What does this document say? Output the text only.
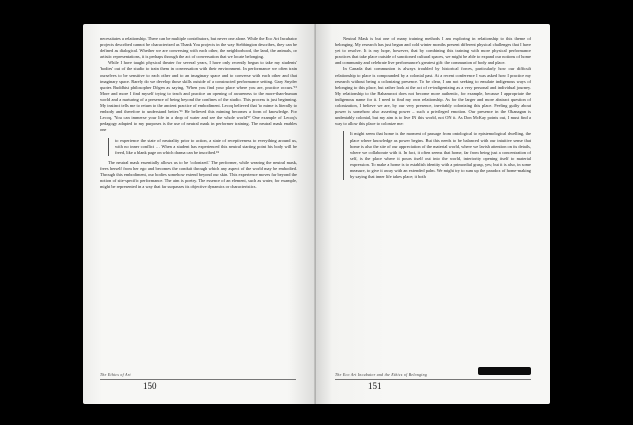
necessitates a relationship. There can be multiple contributors, but never one alone. While the Eco Art Incubator projects described cannot be characterized as Thank You projects in the way Stebbington describes, they can be defined as dialogical. Whether we are conversing with each other, the neighborhood, the land, the animals, or artistic representations, it is perhaps through the act of conversation that we locate belonging.

While I have taught physical theater for several years, I have only recently begun to take my students' 'bodies' out of the studio to train them in conversation with their environment. In performance we often train ourselves to be sensitive to each other and to an imaginary space and to converse with each other and that imaginary space. Rarely do we develop those skills outside of a constructed performance setting. Gary Snyder quotes Buddhist philosopher Dōgen as saying, 'When you find your place where you are, practice occurs.'¹⁵ More and more I find myself trying to teach and practice an opening of awareness to the more-than-human world and a nurturing of a presence of being beyond the confines of the studio. This process is just beginning. My instinct tells me to return to the ancient practice of embodiment. Lecoq believed that 'to mime is literally to embody and therefore to understand better.'¹⁶ He believed this miming becomes a form of knowledge. For Lecoq, 'You can immerse your life in a drop of water and see the whole world'¹⁷ One example of Lecoq's pedagogy adapted to my purposes is the use of neutral mask in performer training. The neutral mask enables one

to experience the state of neutrality prior to action, a state of receptiveness to everything around us, with no inner conflict … When a student has experienced this neutral starting point his body will be freed, like a blank page on which drama can be inscribed.¹⁸

The neutral mask essentially allows us to be 'colonized.' The performer, while wearing the neutral mask, frees herself from her ego and becomes the conduit through which any aspect of the world may be embodied. Through this embodiment, our bodies somehow extend beyond our skin. This experience moves far beyond the notion of site-specific performance. The aim is poetry. The essence of an element, such as water, for example, might be represented in a way that far surpasses its objective dynamics or characteristics.

The Ethics of Art
150

Neutral Mask is but one of many training methods I am exploring in relationship to this theme of belonging. My research has just begun and cold winter months present different physical challenges that I have yet to resolve. It is my hope, however, that by combining this training with more physical performance practices that take place outside of sanctioned cultural spaces, we might be able to expand our notions of home and community and celebrate live performance's greatest gift: the communion of body and place.

In Canada that communion is always troubled by historical forces, particularly how our difficult relationship to place is compounded by a colonial past. At a recent conference I was asked how I practice my research without being a colonizing presence. To be clear, I am not seeking to emulate indigenous ways of belonging to this place, but rather look at the act of re-indigenizing as a very personal and individual journey. My relationship to the Bahamroot does not become more authentic, for example, because I appropriate the indigenous name for it. I need to find my own relationship. As for the larger and more abstract question of colonization, I believe we are, by our very presence, inevitably colonizing this place. Feeling guilty about power is somehow also asserting power – such a privileged emotion. Our presence in the Okanagan is undeniably colonial, but my aim is to live IN this world, not ON it. As Don McKay points out, I must find a way to allow this place to colonize me:

It might seem that home is the moment of passage from ontological to epistemological dwelling, the place where knowledge as power begins. But this needs to be balanced with our intuitive sense that home is also the site of our appreciation of the material world, where we lavish attention on its details, where we collaborate with it. In fact, it often seems that home, far from being just a concentration of self, is the place where it pours itself out into the world, interiority opening itself to material expression. To make a home is to establish identity with a primordial grasp, yes; but it is also, in some measure, to give it away with an extended palm. We might try to sum up the paradox of home-making by saying that inner life takes place; it both

The Eco Art Incubator and the Ethics of Belonging
151
